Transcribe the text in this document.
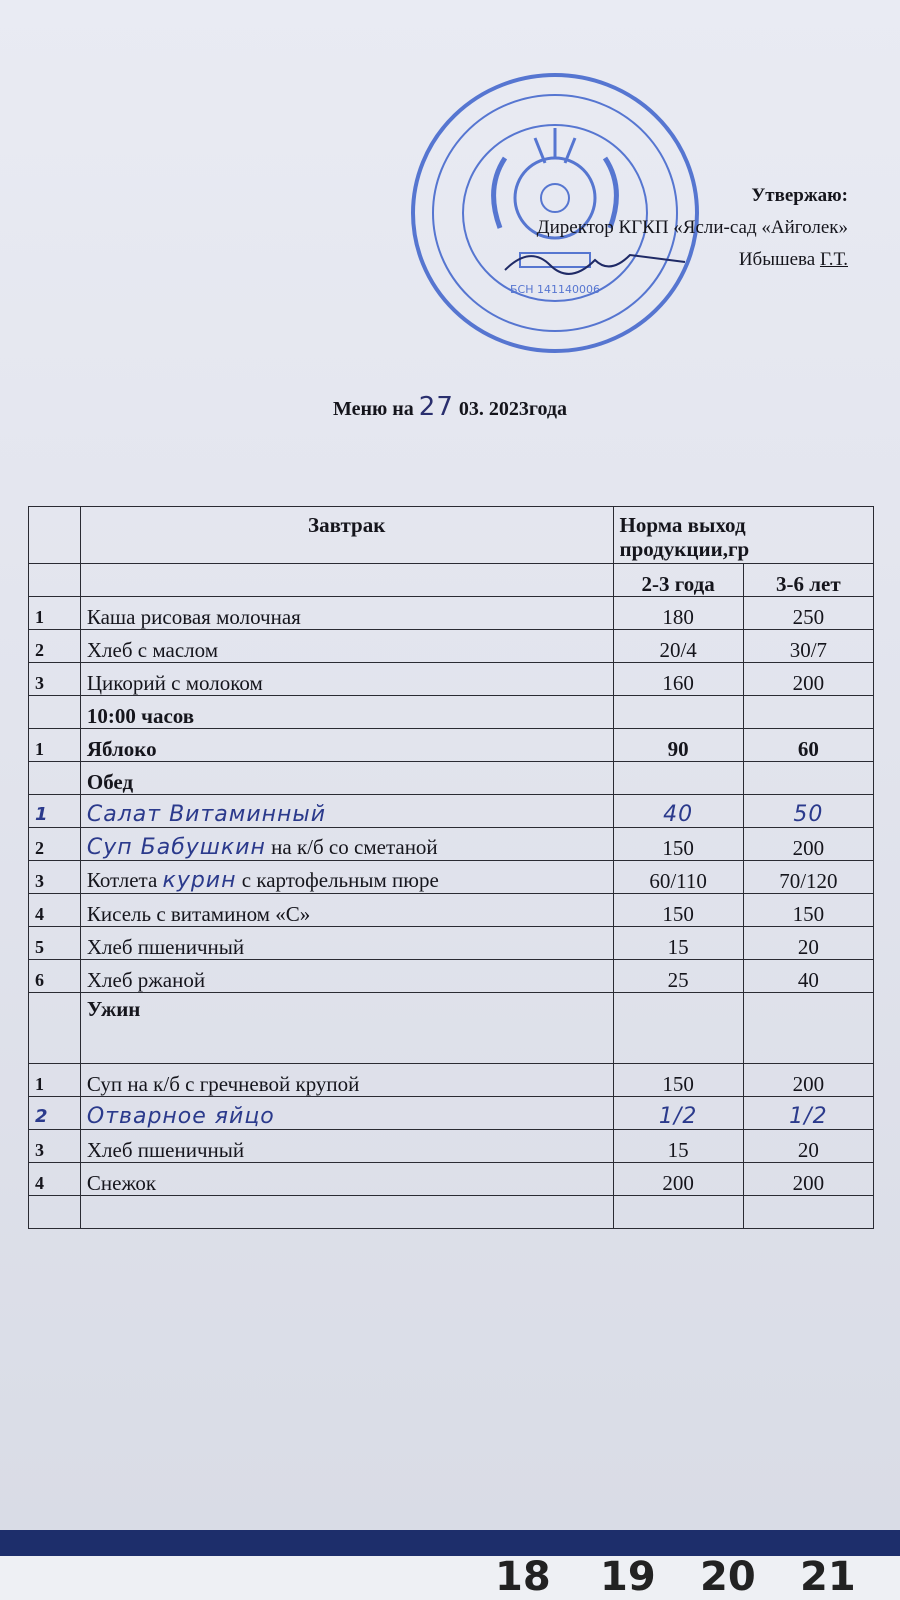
БСН 141140006
Утвержаю:
Директор КГКП «Ясли-сад «Айголек»
Ибышева Г.Т.
Меню на 27 03. 2023года
	Завтрак	Норма выход продукции,гр	
		2-3 года	3-6 лет
1	Каша рисовая молочная	180	250
2	Хлеб с маслом	20/4	30/7
3	Цикорий с молоком	160	200
	10:00 часов		
1	Яблоко	90	60
	Обед		
1	Салат Витаминный	40	50
2	Суп Бабушкин на к/б со сметаной	150	200
3	Котлета курин с картофельным пюре	60/110	70/120
4	Кисель с витамином «С»	150	150
5	Хлеб пшеничный	15	20
6	Хлеб ржаной	25	40
	Ужин		
1	Суп на к/б с гречневой крупой	150	200
2	Отварное яйцо	1/2	1/2
3	Хлеб пшеничный	15	20
4	Снежок	200	200

18 19 20 21
